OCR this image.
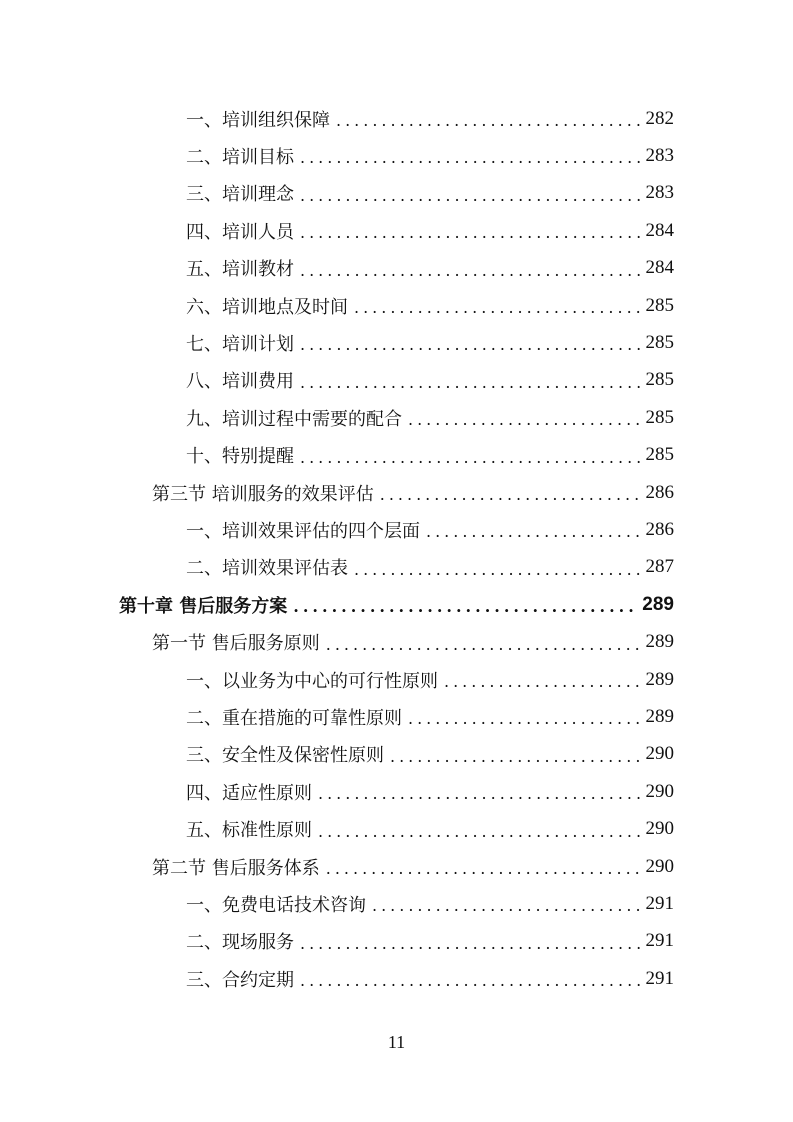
一、培训组织保障 .....	282
二、培训目标 .....	283
三、培训理念 .....	283
四、培训人员 .....	284
五、培训教材 .....	284
六、培训地点及时间 .....	285
七、培训计划 .....	285
八、培训费用 .....	285
九、培训过程中需要的配合 .....	285
十、特别提醒 .....	285
第三节 培训服务的效果评估 .....	286
一、培训效果评估的四个层面 .....	286
二、培训效果评估表 .....	287
第十章 售后服务方案 .....	289
第一节 售后服务原则 .....	289
一、以业务为中心的可行性原则 .....	289
二、重在措施的可靠性原则 .....	289
三、安全性及保密性原则 .....	290
四、适应性原则 .....	290
五、标准性原则 .....	290
第二节 售后服务体系 .....	290
一、免费电话技术咨询 .....	291
二、现场服务 .....	291
三、合约定期 .....	291
11
